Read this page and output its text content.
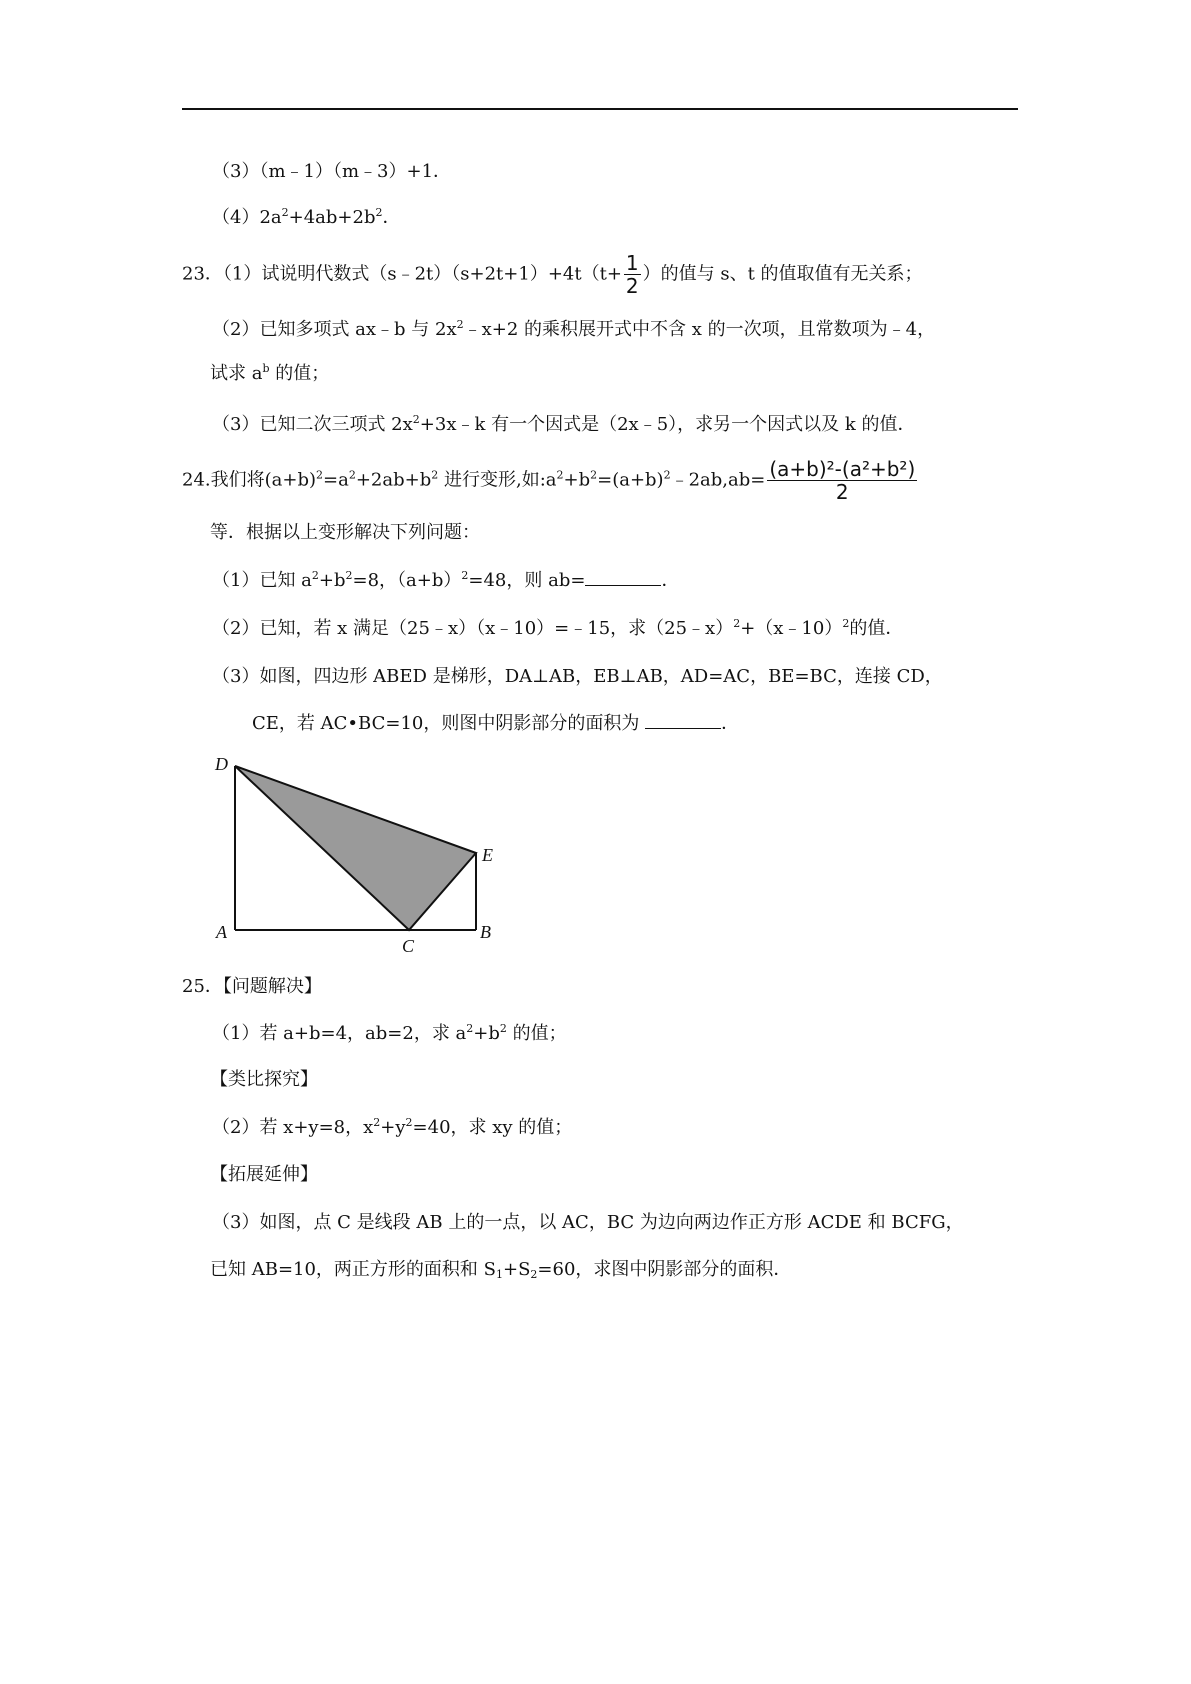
（3）（m﹣1）（m﹣3）+1．
$(4)2a^2+4ab+2b^2$．
23．（1）试说明代数式（s﹣2t）（s+2t+1）+4t（t+ $\frac{1}{2}$ ）的值与 s、t 的值取值有无关系；
（2）已知多项式 ax﹣b 与 $2x^2﹣x+2$ 的乘积展开式中不含 x 的一次项，且常数项为﹣4，
试求 $a^b$ 的值；
（3）已知二次三项式 $2x^2+3x﹣k$ 有一个因式是（2x﹣5），求另一个因式以及 k 的值．
24.我们将$(a+b)^2=a^2+2ab+b^2$ 进行变形,如$:a^2+b^2=(a+b)^2﹣2ab,ab= \frac{\text{(a+b)²-(a²+b²)}}{2}$
等．根据以上变形解决下列问题：
（1）已知 $a^2+b^2=8$，$(a+b)^2=48$，则 ab=	．
（2）已知，若 x 满足（25﹣x）（x﹣10）=﹣15，求（25﹣x）$^2$+（x﹣10）$^2$的值．
（3）如图，四边形 ABED 是梯形，DA⊥AB，EB⊥AB，AD=AC，BE=BC，连接 CD，
CE，若 AC•BC=10，则图中阴影部分的面积为	．
D
E
A	B
C
25．【问题解决】
（1）若 a+b=4，ab=2，求 $a^2+b^2$ 的值；
【类比探究】
（2）若 x+y=8，$x^2+y^2=40$，求 xy 的值；
【拓展延伸】
（3）如图，点 C 是线段 AB 上的一点，以 AC，BC 为边向两边作正方形 ACDE 和 BCFG，
已知 AB=10，两正方形的面积和 $S_1+S_2=60$，求图中阴影部分的面积．
